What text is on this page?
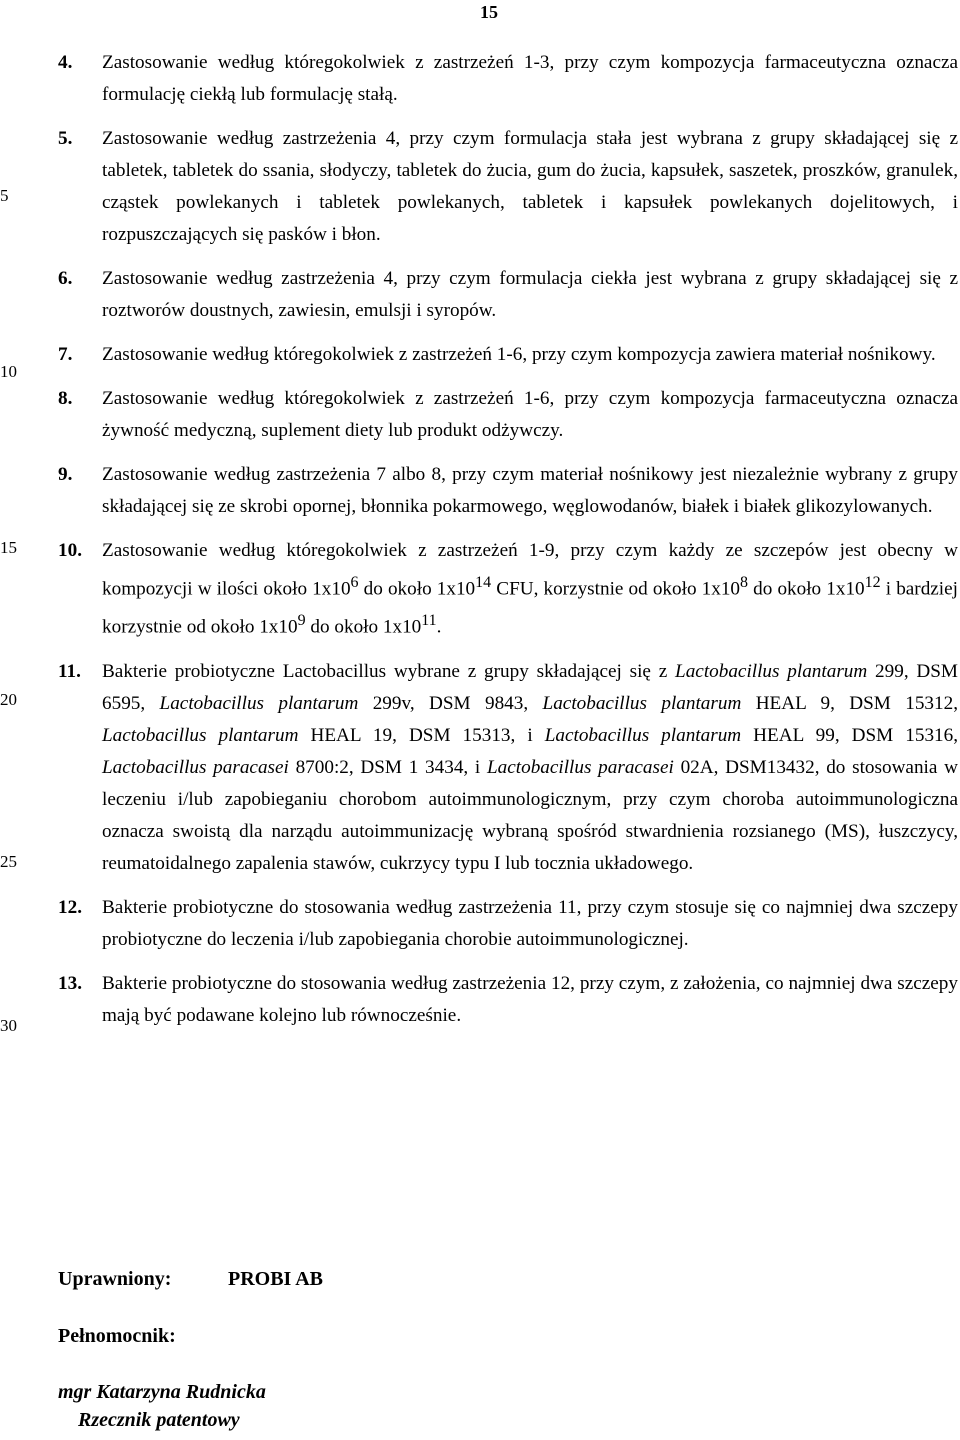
15
5
10
15
20
25
30
4.	Zastosowanie według któregokolwiek z zastrzeżeń 1-3, przy czym kompozycja farmaceutyczna oznacza formulację ciekłą lub formulację stałą.
5.	Zastosowanie według zastrzeżenia 4, przy czym formulacja stała jest wybrana z grupy składającej się z tabletek, tabletek do ssania, słodyczy, tabletek do żucia, gum do żucia, kapsułek, saszetek, proszków, granulek, cząstek powlekanych i tabletek powlekanych, tabletek i kapsułek powlekanych dojelitowych, i rozpuszczających się pasków i błon.
6.	Zastosowanie według zastrzeżenia 4, przy czym formulacja ciekła jest wybrana z grupy składającej się z roztworów doustnych, zawiesin, emulsji i syropów.
7.	Zastosowanie według któregokolwiek z zastrzeżeń 1-6, przy czym kompozycja zawiera materiał nośnikowy.
8.	Zastosowanie według któregokolwiek z zastrzeżeń 1-6, przy czym kompozycja farmaceutyczna oznacza żywność medyczną, suplement diety lub produkt odżywczy.
9.	Zastosowanie według zastrzeżenia 7 albo 8, przy czym materiał nośnikowy jest niezależnie wybrany z grupy składającej się ze skrobi opornej, błonnika pokarmowego, węglowodanów, białek i białek glikozylowanych.
10.	Zastosowanie według któregokolwiek z zastrzeżeń 1-9, przy czym każdy ze szczepów jest obecny w kompozycji w ilości około $1x10^6$ do około $1x10^{14}$ CFU, korzystnie od około $1x10^8$ do około $1x10^{12}$ i bardziej korzystnie od około $1x10^9$ do około $1x10^{11}$.
11.	Bakterie probiotyczne Lactobacillus wybrane z grupy składającej się z Lactobacillus plantarum 299, DSM 6595, Lactobacillus plantarum 299v, DSM 9843, Lactobacillus plantarum HEAL 9, DSM 15312, Lactobacillus plantarum HEAL 19, DSM 15313, i Lactobacillus plantarum HEAL 99, DSM 15316, Lactobacillus paracasei 8700:2, DSM 1 3434, i Lactobacillus paracasei 02A, DSM13432, do stosowania w leczeniu i/lub zapobieganiu chorobom autoimmunologicznym, przy czym choroba autoimmunologiczna oznacza swoistą dla narządu autoimmunizację wybraną spośród stwardnienia rozsianego (MS), łuszczycy, reumatoidalnego zapalenia stawów, cukrzycy typu I lub tocznia układowego.
12.	Bakterie probiotyczne do stosowania według zastrzeżenia 11, przy czym stosuje się co najmniej dwa szczepy probiotyczne do leczenia i/lub zapobiegania chorobie autoimmunologicznej.
13.	Bakterie probiotyczne do stosowania według zastrzeżenia 12, przy czym, z założenia, co najmniej dwa szczepy mają być podawane kolejno lub równocześnie.
Uprawniony:	PROBI AB
Pełnomocnik:
mgr Katarzyna Rudnicka
Rzecznik patentowy
